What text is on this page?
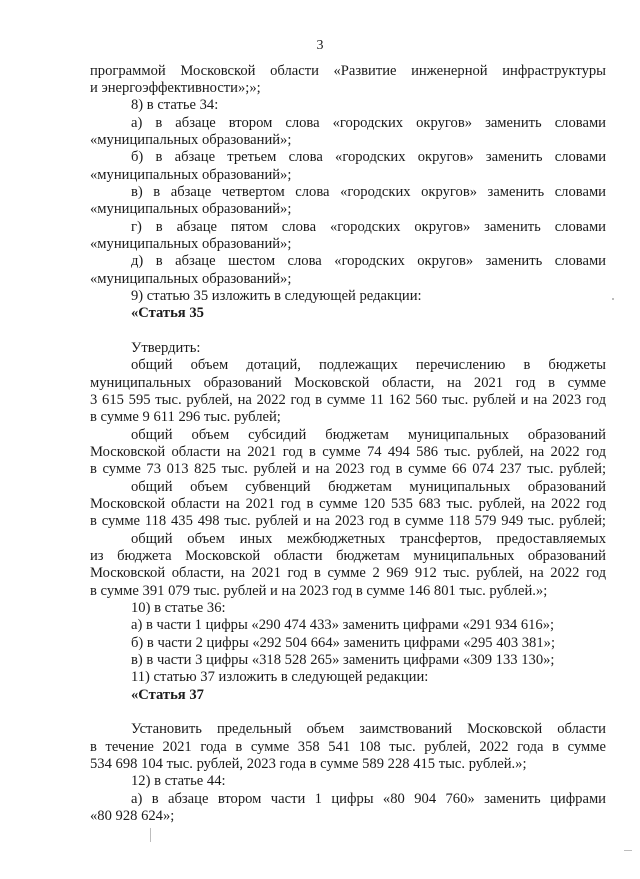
3
программой Московской области «Развитие инженерной инфраструктуры
и энергоэффективности»;»;
8) в статье 34:
а) в абзаце втором слова «городских округов» заменить словами
«муниципальных образований»;
б) в абзаце третьем слова «городских округов» заменить словами
«муниципальных образований»;
в) в абзаце четвертом слова «городских округов» заменить словами
«муниципальных образований»;
г) в абзаце пятом слова «городских округов» заменить словами
«муниципальных образований»;
д) в абзаце шестом слова «городских округов» заменить словами
«муниципальных образований»;
9) статью 35 изложить в следующей редакции:
«Статья 35
Утвердить:
общий объем дотаций, подлежащих перечислению в бюджеты
муниципальных образований Московской области, на 2021 год в сумме
3 615 595 тыс. рублей, на 2022 год в сумме 11 162 560 тыс. рублей и на 2023 год
в сумме 9 611 296 тыс. рублей;
общий объем субсидий бюджетам муниципальных образований
Московской области на 2021 год в сумме 74 494 586 тыс. рублей, на 2022 год
в сумме 73 013 825 тыс. рублей и на 2023 год в сумме 66 074 237 тыс. рублей;
общий объем субвенций бюджетам муниципальных образований
Московской области на 2021 год в сумме 120 535 683 тыс. рублей, на 2022 год
в сумме 118 435 498 тыс. рублей и на 2023 год в сумме 118 579 949 тыс. рублей;
общий объем иных межбюджетных трансфертов, предоставляемых
из бюджета Московской области бюджетам муниципальных образований
Московской области, на 2021 год в сумме 2 969 912 тыс. рублей, на 2022 год
в сумме 391 079 тыс. рублей и на 2023 год в сумме 146 801 тыс. рублей.»;
10) в статье 36:
а) в части 1 цифры «290 474 433» заменить цифрами «291 934 616»;
б) в части 2 цифры «292 504 664» заменить цифрами «295 403 381»;
в) в части 3 цифры «318 528 265» заменить цифрами «309 133 130»;
11) статью 37 изложить в следующей редакции:
«Статья 37
Установить предельный объем заимствований Московской области
в течение 2021 года в сумме 358 541 108 тыс. рублей, 2022 года в сумме
534 698 104 тыс. рублей, 2023 года в сумме 589 228 415 тыс. рублей.»;
12) в статье 44:
а) в абзаце втором части 1 цифры «80 904 760» заменить цифрами
«80 928 624»;
